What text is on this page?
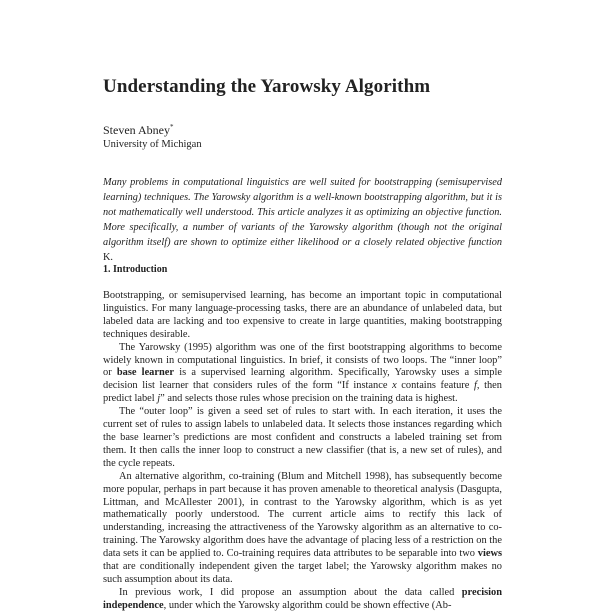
Understanding the Yarowsky Algorithm
Steven Abney*
University of Michigan

Many problems in computational linguistics are well suited for bootstrapping (semisupervised learning) techniques. The Yarowsky algorithm is a well-known bootstrapping algorithm, but it is not mathematically well understood. This article analyzes it as optimizing an objective function. More specifically, a number of variants of the Yarowsky algorithm (though not the original algorithm itself) are shown to optimize either likelihood or a closely related objective function K.

1. Introduction

Bootstrapping, or semisupervised learning, has become an important topic in computational linguistics. For many language-processing tasks, there are an abundance of unlabeled data, but labeled data are lacking and too expensive to create in large quantities, making bootstrapping techniques desirable.

The Yarowsky (1995) algorithm was one of the first bootstrapping algorithms to become widely known in computational linguistics. In brief, it consists of two loops. The “inner loop” or base learner is a supervised learning algorithm. Specifically, Yarowsky uses a simple decision list learner that considers rules of the form “If instance x contains feature f, then predict label j” and selects those rules whose precision on the training data is highest.

The “outer loop” is given a seed set of rules to start with. In each iteration, it uses the current set of rules to assign labels to unlabeled data. It selects those instances regarding which the base learner’s predictions are most confident and constructs a labeled training set from them. It then calls the inner loop to construct a new classifier (that is, a new set of rules), and the cycle repeats.

An alternative algorithm, co-training (Blum and Mitchell 1998), has subsequently become more popular, perhaps in part because it has proven amenable to theoretical analysis (Dasgupta, Littman, and McAllester 2001), in contrast to the Yarowsky algorithm, which is as yet mathematically poorly understood. The current article aims to rectify this lack of understanding, increasing the attractiveness of the Yarowsky algorithm as an alternative to co-training. The Yarowsky algorithm does have the advantage of placing less of a restriction on the data sets it can be applied to. Co-training requires data attributes to be separable into two views that are conditionally independent given the target label; the Yarowsky algorithm makes no such assumption about its data.

In previous work, I did propose an assumption about the data called precision independence, under which the Yarowsky algorithm could be shown effective (Ab-
